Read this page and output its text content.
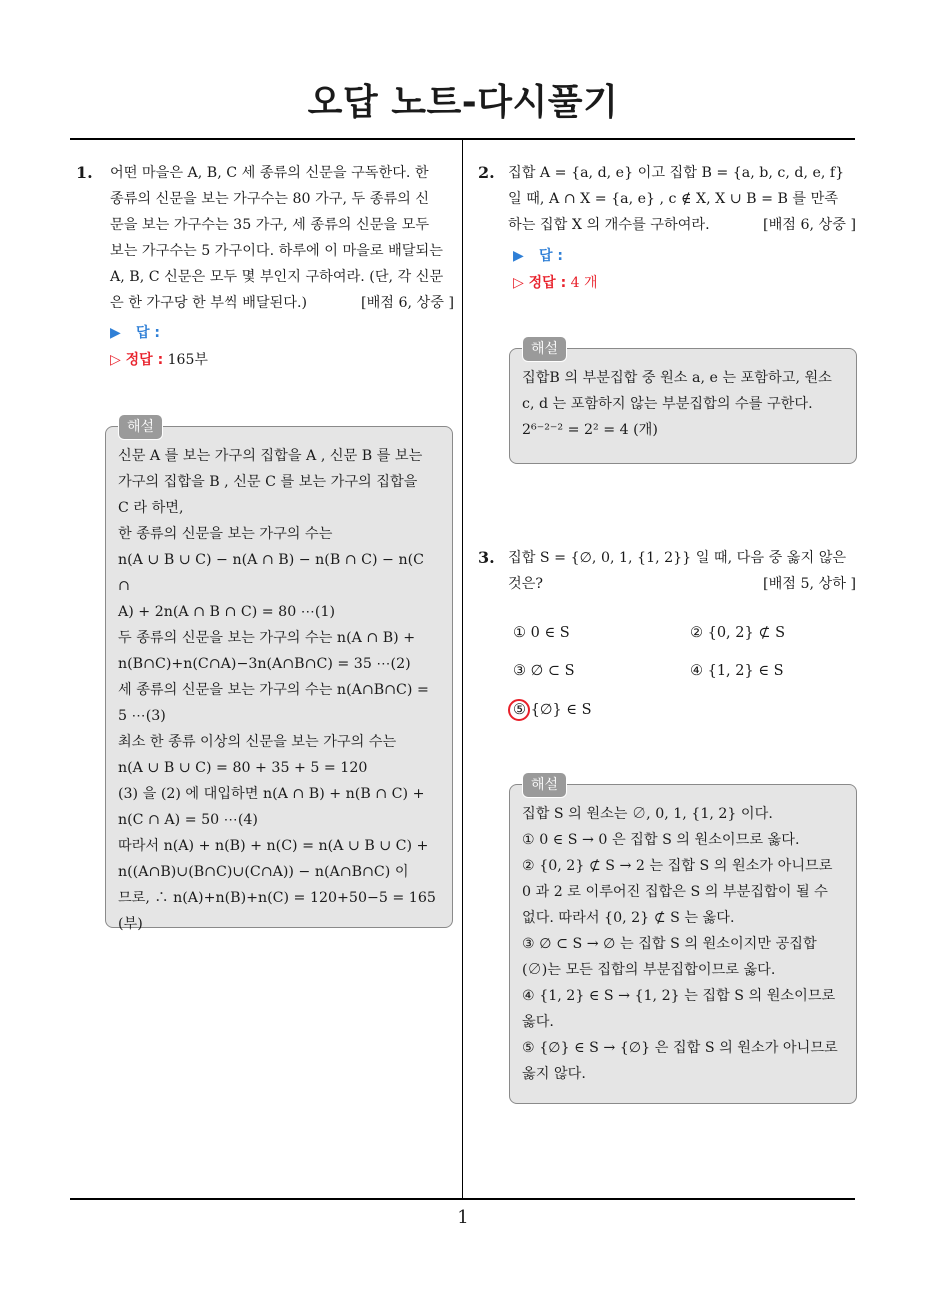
오답 노트-다시풀기
1. 어떤 마을은 A, B, C 세 종류의 신문을 구독한다. 한
종류의 신문을 보는 가구수는 80 가구, 두 종류의 신
문을 보는 가구수는 35 가구, 세 종류의 신문을 모두
보는 가구수는 5 가구이다. 하루에 이 마을로 배달되는
A, B, C 신문은 모두 몇 부인지 구하여라. (단, 각 신문
은 한 가구당 한 부씩 배달된다.)	[배점 6, 상중 ]
▶ 답 :
▷ 정답 : 165부
해설

신문 A 를 보는 가구의 집합을 A , 신문 B 를 보는

가구의 집합을 B , 신문 C 를 보는 가구의 집합을

C 라 하면,

한 종류의 신문을 보는 가구의 수는

n(A ∪ B ∪ C) − n(A ∩ B) − n(B ∩ C) − n(C ∩

A) + 2n(A ∩ B ∩ C) = 80 ⋯(1)

두 종류의 신문을 보는 가구의 수는 n(A ∩ B) +

n(B∩C)+n(C∩A)−3n(A∩B∩C) = 35 ⋯(2)

세 종류의 신문을 보는 가구의 수는 n(A∩B∩C) =

5 ⋯(3)

최소 한 종류 이상의 신문을 보는 가구의 수는

n(A ∪ B ∪ C) = 80 + 35 + 5 = 120

(3) 을 (2) 에 대입하면 n(A ∩ B) + n(B ∩ C) +

n(C ∩ A) = 50 ⋯(4)

따라서 n(A) + n(B) + n(C) = n(A ∪ B ∪ C) +

n((A∩B)∪(B∩C)∪(C∩A)) − n(A∩B∩C) 이

므로, ∴ n(A)+n(B)+n(C) = 120+50−5 = 165

(부)

2. 집합 A = {a, d, e} 이고 집합 B = {a, b, c, d, e, f}
일 때, A ∩ X = {a, e} , c ∉ X, X ∪ B = B 를 만족
하는 집합 X 의 개수를 구하여라.	[배점 6, 상중 ]
▶ 답 :
▷ 정답 : 4 개
해설

집합B 의 부분집합 중 원소 a, e 는 포함하고, 원소

c, d 는 포함하지 않는 부분집합의 수를 구한다.

2⁶⁻²⁻² = 2² = 4 (개)

3. 집합 S = {∅, 0, 1, {1, 2}} 일 때, 다음 중 옳지 않은
것은?	[배점 5, 상하 ]
① 0 ∈ S	② {0, 2} ⊄ S
③ ∅ ⊂ S	④ {1, 2} ∈ S
⑤ {∅} ∈ S
해설

집합 S 의 원소는 ∅, 0, 1, {1, 2} 이다.

① 0 ∈ S → 0 은 집합 S 의 원소이므로 옳다.

② {0, 2} ⊄ S → 2 는 집합 S 의 원소가 아니므로

0 과 2 로 이루어진 집합은 S 의 부분집합이 될 수

없다. 따라서 {0, 2} ⊄ S 는 옳다.

③ ∅ ⊂ S → ∅ 는 집합 S 의 원소이지만 공집합

(∅)는 모든 집합의 부분집합이므로 옳다.

④ {1, 2} ∈ S → {1, 2} 는 집합 S 의 원소이므로

옳다.

⑤ {∅} ∈ S → {∅} 은 집합 S 의 원소가 아니므로

옳지 않다.

1
